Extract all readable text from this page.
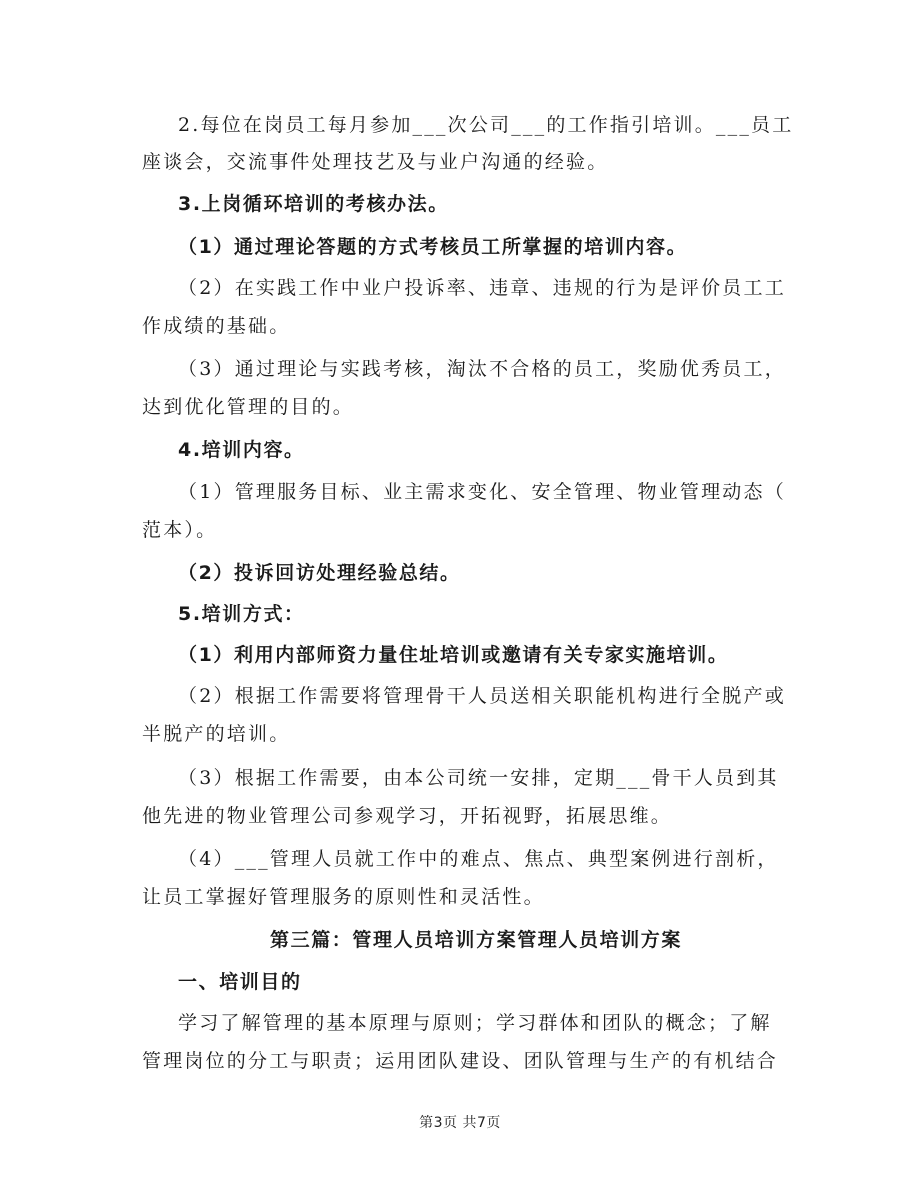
2.每位在岗员工每月参加___次公司___的工作指引培训。___员工
座谈会，交流事件处理技艺及与业户沟通的经验。
3.上岗循环培训的考核办法。
（1）通过理论答题的方式考核员工所掌握的培训内容。
（2）在实践工作中业户投诉率、违章、违规的行为是评价员工工
作成绩的基础。
（3）通过理论与实践考核，淘汰不合格的员工，奖励优秀员工，
达到优化管理的目的。
4.培训内容。
（1）管理服务目标、业主需求变化、安全管理、物业管理动态（
范本）。
（2）投诉回访处理经验总结。
5.培训方式：
（1）利用内部师资力量住址培训或邀请有关专家实施培训。
（2）根据工作需要将管理骨干人员送相关职能机构进行全脱产或
半脱产的培训。
（3）根据工作需要，由本公司统一安排，定期___骨干人员到其
他先进的物业管理公司参观学习，开拓视野，拓展思维。
（4）___管理人员就工作中的难点、焦点、典型案例进行剖析，
让员工掌握好管理服务的原则性和灵活性。
第三篇：管理人员培训方案管理人员培训方案
一、培训目的
学习了解管理的基本原理与原则；学习群体和团队的概念；了解
管理岗位的分工与职责；运用团队建设、团队管理与生产的有机结合
第3页 共7页
